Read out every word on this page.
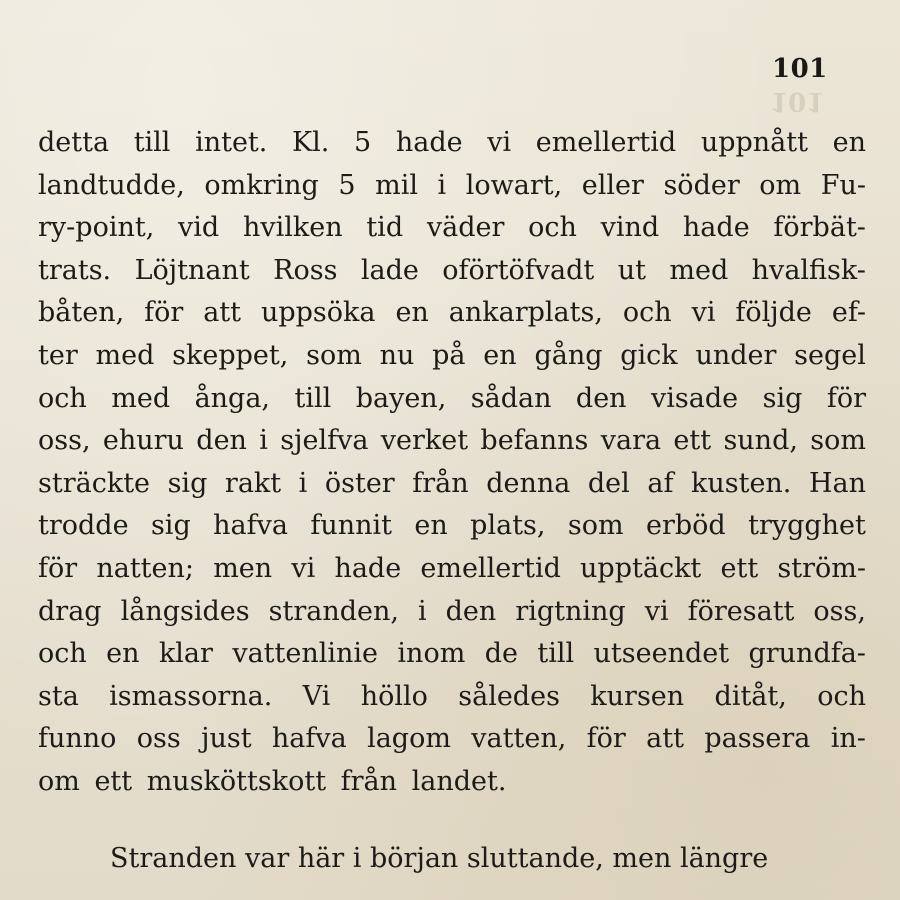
101
101
detta till intet. Kl. 5 hade vi emellertid uppnått en
landtudde, omkring 5 mil i lowart, eller söder om Fu-
ry-point, vid hvilken tid väder och vind hade förbät-
trats. Löjtnant Ross lade oförtöfvadt ut med hvalfisk-
båten, för att uppsöka en ankarplats, och vi följde ef-
ter med skeppet, som nu på en gång gick under segel
och med ånga, till bayen, sådan den visade sig för
oss, ehuru den i sjelfva verket befanns vara ett sund, som
sträckte sig rakt i öster från denna del af kusten. Han
trodde sig hafva funnit en plats, som erböd trygghet
för natten; men vi hade emellertid upptäckt ett ström-
drag långsides stranden, i den rigtning vi föresatt oss,
och en klar vattenlinie inom de till utseendet grundfa-
sta ismassorna. Vi höllo således kursen ditåt, och
funno oss just hafva lagom vatten, för att passera in-
om ett musköttskott från landet.
Stranden var här i början sluttande, men längre
